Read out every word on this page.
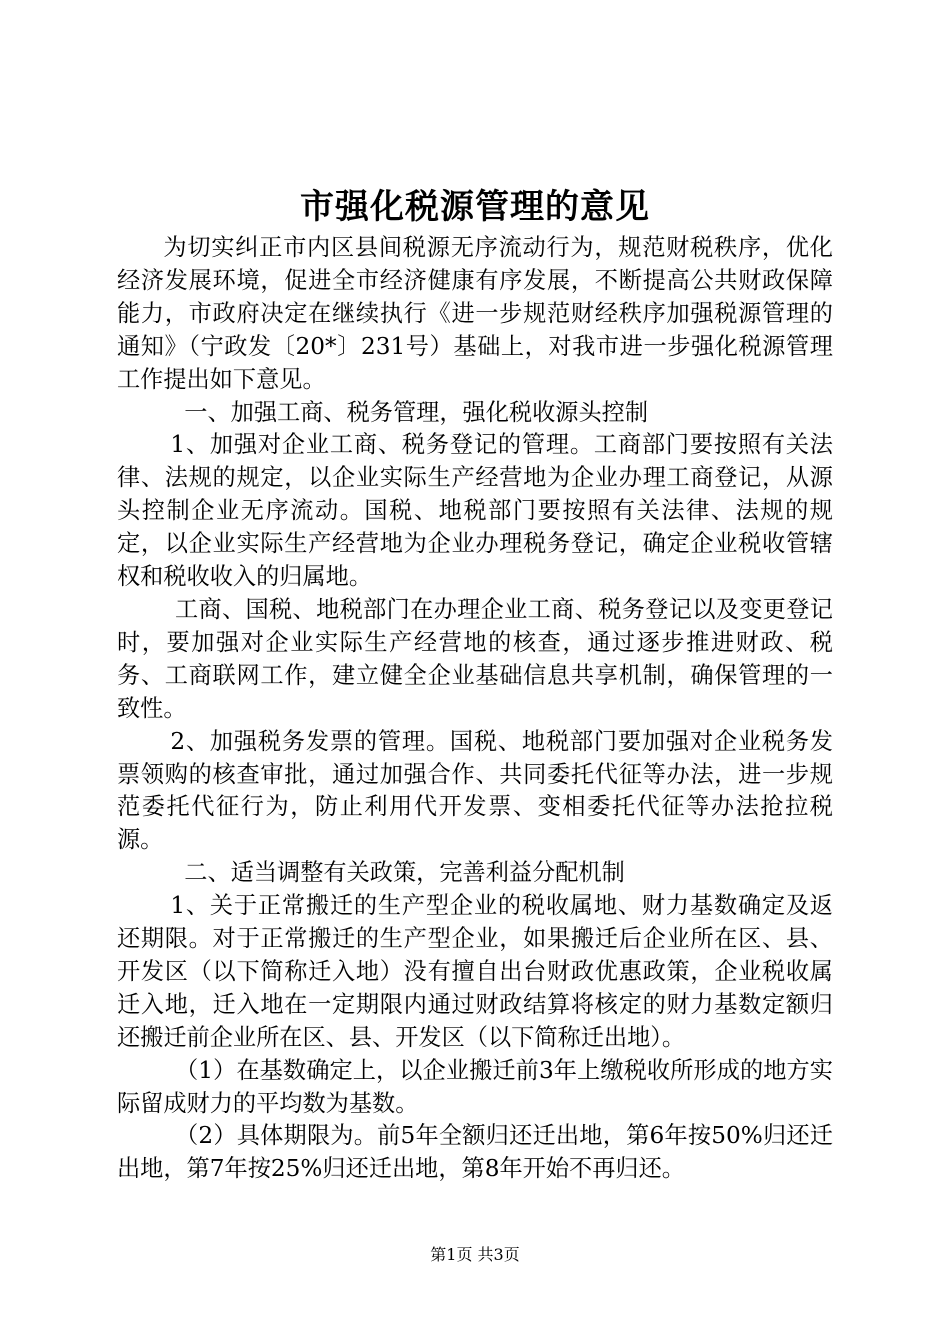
市强化税源管理的意见

为切实纠正市内区县间税源无序流动行为，规范财税秩序，优化经济发展环境，促进全市经济健康有序发展，不断提高公共财政保障能力，市政府决定在继续执行《进一步规范财经秩序加强税源管理的通知》（宁政发〔20*〕231号）基础上，对我市进一步强化税源管理工作提出如下意见。

一、加强工商、税务管理，强化税收源头控制

1、加强对企业工商、税务登记的管理。工商部门要按照有关法律、法规的规定，以企业实际生产经营地为企业办理工商登记，从源头控制企业无序流动。国税、地税部门要按照有关法律、法规的规定，以企业实际生产经营地为企业办理税务登记，确定企业税收管辖权和税收收入的归属地。

工商、国税、地税部门在办理企业工商、税务登记以及变更登记时，要加强对企业实际生产经营地的核查，通过逐步推进财政、税务、工商联网工作，建立健全企业基础信息共享机制，确保管理的一致性。

2、加强税务发票的管理。国税、地税部门要加强对企业税务发票领购的核查审批，通过加强合作、共同委托代征等办法，进一步规范委托代征行为，防止利用代开发票、变相委托代征等办法抢拉税源。

二、适当调整有关政策，完善利益分配机制

1、关于正常搬迁的生产型企业的税收属地、财力基数确定及返还期限。对于正常搬迁的生产型企业，如果搬迁后企业所在区、县、开发区（以下简称迁入地）没有擅自出台财政优惠政策，企业税收属迁入地，迁入地在一定期限内通过财政结算将核定的财力基数定额归还搬迁前企业所在区、县、开发区（以下简称迁出地）。

（1）在基数确定上，以企业搬迁前3年上缴税收所形成的地方实际留成财力的平均数为基数。

（2）具体期限为。前5年全额归还迁出地，第6年按50%归还迁出地，第7年按25%归还迁出地，第8年开始不再归还。

第1页 共3页
